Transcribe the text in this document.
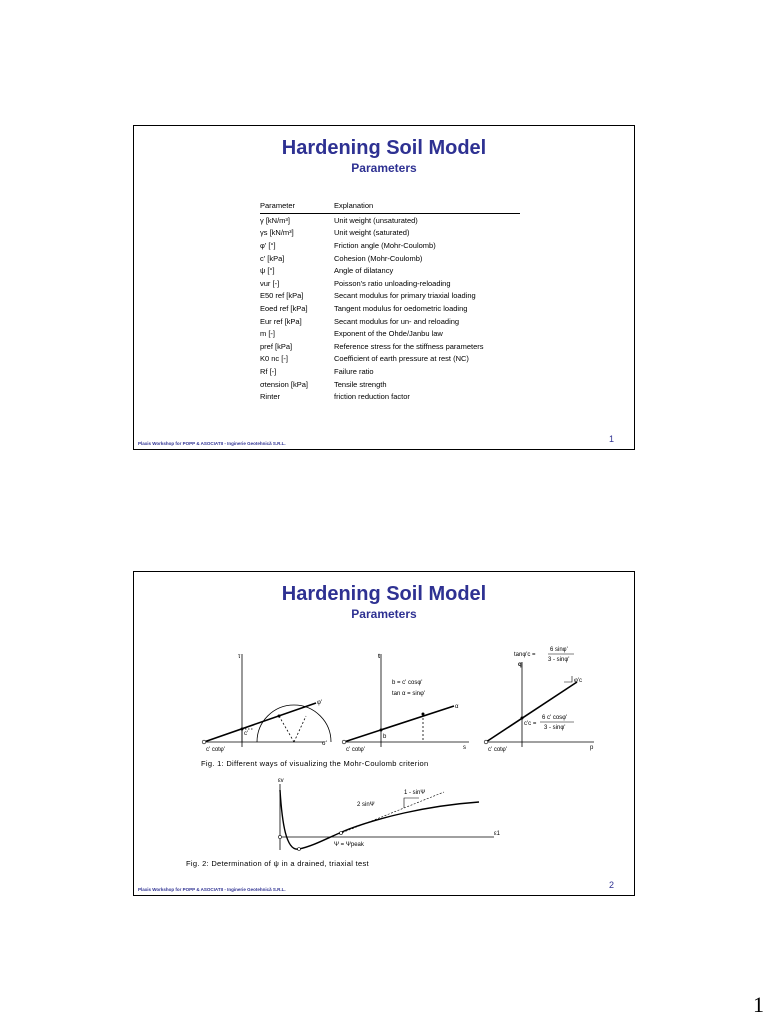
Hardening Soil Model
Parameters
Parameter	Explanation
γ [kN/m³]	Unit weight (unsaturated)
γs [kN/m³]	Unit weight (saturated)
φ' [°]	Friction angle (Mohr-Coulomb)
c' [kPa]	Cohesion (Mohr-Coulomb)
ψ [°]	Angle of dilatancy
νur [-]	Poisson's ratio unloading-reloading
E50 ref [kPa]	Secant modulus for primary triaxial loading
Eoed ref [kPa]	Tangent modulus for oedometric loading
Eur ref [kPa]	Secant modulus for un- and reloading
m [-]	Exponent of the Ohde/Janbu law
pref [kPa]	Reference stress for the stiffness parameters
K0 nc [-]	Coefficient of earth pressure at rest (NC)
Rf [-]	Failure ratio
σtension [kPa]	Tensile strength
Rinter	friction reduction factor
Plaxis Workshop for POPP & ASOCIATII - Inginerie Geotehnică S.R.L.	1
Hardening Soil Model
Parameters
τ
σ'
c' cotφ'
c'
φ'
t
s
c' cotφ'
b
α
b = c' cosφ'
tan α = sinφ'
q
p
c' cotφ'
tanφ'c =
6 sinφ'
3 - sinφ'
φ'c
c'c =
6 c' cosφ'
3 - sinφ'
Fig. 1: Different ways of visualizing the Mohr-Coulomb criterion
εv
ε1
1 - sinΨ
2 sinΨ
Ψ = Ψpeak
Fig. 2: Determination of ψ in a drained, triaxial test
Plaxis Workshop for POPP & ASOCIATII - Inginerie Geotehnică S.R.L.	2
1
